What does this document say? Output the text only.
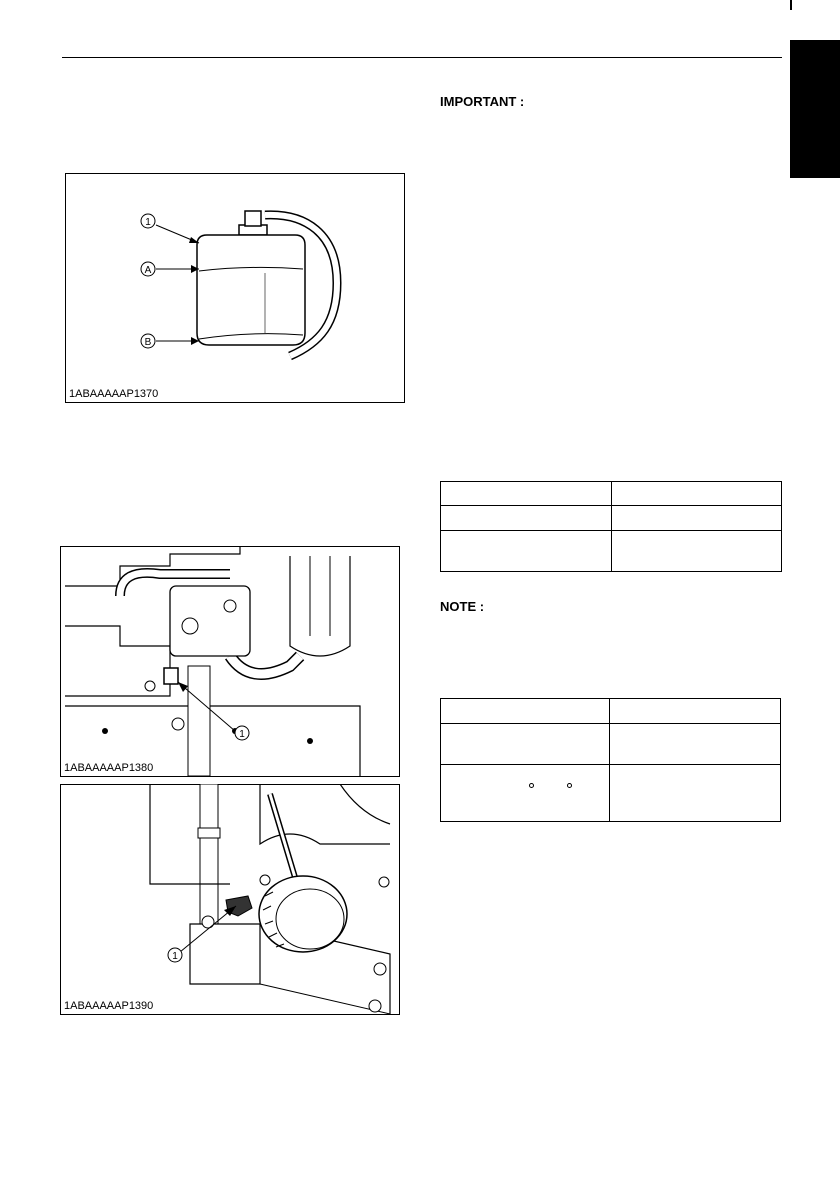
1
A
B
1ABAAAAAP1370
1
1ABAAAAAP1380
1
1ABAAAAAP1390
IMPORTANT :
NOTE :
